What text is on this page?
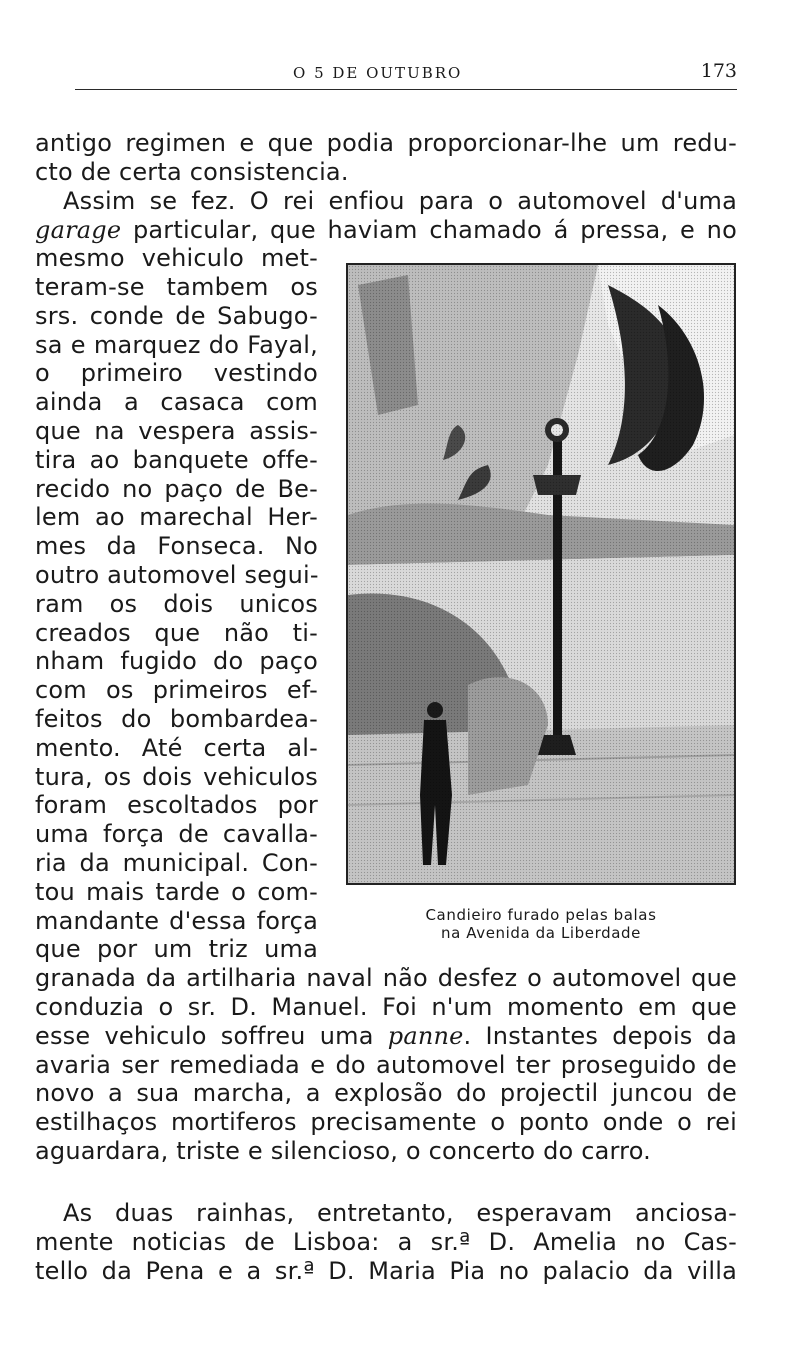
O 5 DE OUTUBRO	173
antigo regimen e que podia proporcionar-lhe um redu-
cto de certa consistencia.
Assim se fez. O rei enfiou para o automovel d'uma
garage particular, que haviam chamado á pressa, e no
mesmo vehiculo met-
teram-se tambem os
srs. conde de Sabugo-
sa e marquez do Fayal,
o primeiro vestindo
ainda a casaca com
que na vespera assis-
tira ao banquete offe-
recido no paço de Be-
lem ao marechal Her-
mes da Fonseca. No
outro automovel segui-
ram os dois unicos
creados que não ti-
nham fugido do paço
com os primeiros ef-
feitos do bombardea-
mento. Até certa al-
tura, os dois vehiculos
foram escoltados por
uma força de cavalla-
ria da municipal. Con-
tou mais tarde o com-
mandante d'essa força
que por um triz uma
granada da artilharia naval não desfez o automovel que
conduzia o sr. D. Manuel. Foi n'um momento em que
esse vehiculo soffreu uma panne. Instantes depois da
avaria ser remediada e do automovel ter proseguido de
novo a sua marcha, a explosão do projectil juncou de
estilhaços mortiferos precisamente o ponto onde o rei
aguardara, triste e silencioso, o concerto do carro.
As duas rainhas, entretanto, esperavam anciosa-
mente noticias de Lisboa: a sr.ª D. Amelia no Cas-
tello da Pena e a sr.ª D. Maria Pia no palacio da villa
Candieiro furado pelas balas
na Avenida da Liberdade
